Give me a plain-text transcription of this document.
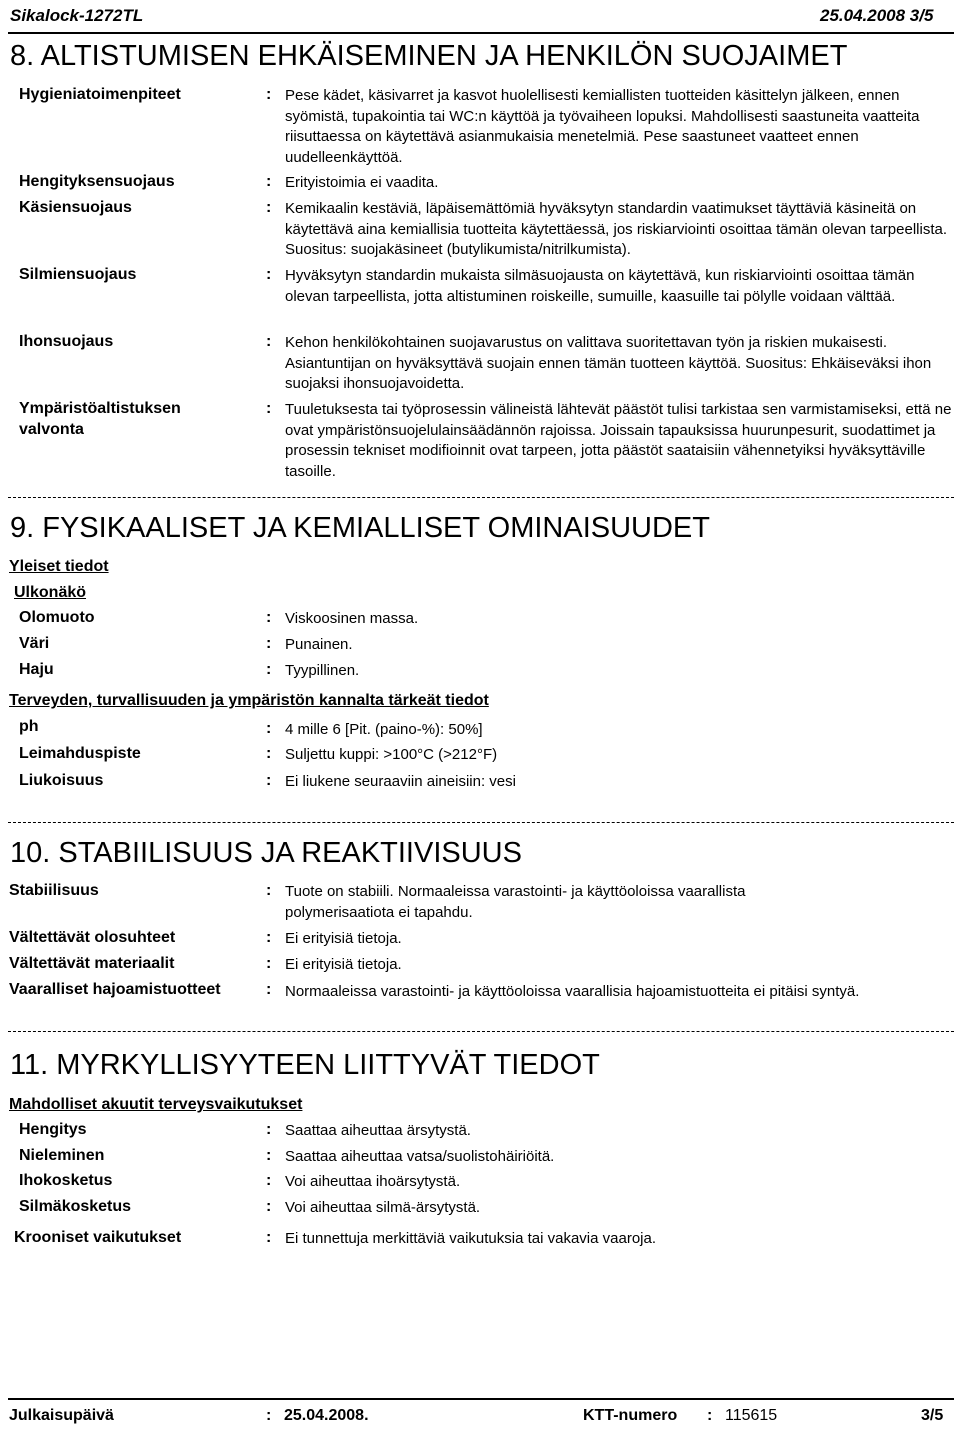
Sikalock-1272TL	25.04.2008 3/5
8. ALTISTUMISEN EHKÄISEMINEN JA HENKILÖN SUOJAIMET
Hygieniatoimenpiteet	: Pese kädet, käsivarret ja kasvot huolellisesti kemiallisten tuotteiden käsittelyn jälkeen, ennen syömistä, tupakointia tai WC:n käyttöä ja työvaiheen lopuksi. Mahdollisesti saastuneita vaatteita riisuttaessa on käytettävä asianmukaisia menetelmiä. Pese saastuneet vaatteet ennen uudelleenkäyttöä.
Hengityksensuojaus	: Erityistoimia ei vaadita.
Käsiensuojaus	: Kemikaalin kestäviä, läpäisemättömiä hyväksytyn standardin vaatimukset täyttäviä käsineitä on käytettävä aina kemiallisia tuotteita käytettäessä, jos riskiarviointi osoittaa tämän olevan tarpeellista. Suositus: suojakäsineet (butylikumista/nitrilkumista).
Silmiensuojaus	: Hyväksytyn standardin mukaista silmäsuojausta on käytettävä, kun riskiarviointi osoittaa tämän olevan tarpeellista, jotta altistuminen roiskeille, sumuille, kaasuille tai pölylle voidaan välttää.
Ihonsuojaus	: Kehon henkilökohtainen suojavarustus on valittava suoritettavan työn ja riskien mukaisesti. Asiantuntijan on hyväksyttävä suojain ennen tämän tuotteen käyttöä. Suositus: Ehkäiseväksi ihon suojaksi ihonsuojavoidetta.
Ympäristöaltistuksen
valvonta
: Tuuletuksesta tai työprosessin välineistä lähtevät päästöt tulisi tarkistaa sen varmistamiseksi, että ne ovat ympäristönsuojelulainsäädännön rajoissa. Joissain tapauksissa huurunpesurit, suodattimet ja prosessin tekniset modifioinnit ovat tarpeen, jotta päästöt saataisiin vähennetyiksi hyväksyttäville tasoille.
9. FYSIKAALISET JA KEMIALLISET OMINAISUUDET
Yleiset tiedot
Ulkonäkö
Olomuoto	: Viskoosinen massa.
Väri	: Punainen.
Haju	: Tyypillinen.
Terveyden, turvallisuuden ja ympäristön kannalta tärkeät tiedot
ph	: 4 mille 6 [Pit. (paino-%): 50%]
Leimahduspiste	: Suljettu kuppi: >100°C (>212°F)
Liukoisuus	: Ei liukene seuraaviin aineisiin: vesi
10. STABIILISUUS JA REAKTIIVISUUS
Stabiilisuus	: Tuote on stabiili. Normaaleissa varastointi- ja käyttöoloissa vaarallista polymerisaatiota ei tapahdu.
Vältettävät olosuhteet	: Ei erityisiä tietoja.
Vältettävät materiaalit	: Ei erityisiä tietoja.
Vaaralliset hajoamistuotteet	: Normaaleissa varastointi- ja käyttöoloissa vaarallisia hajoamistuotteita ei pitäisi syntyä.
11. MYRKYLLISYYTEEN LIITTYVÄT TIEDOT
Mahdolliset akuutit terveysvaikutukset
Hengitys	: Saattaa aiheuttaa ärsytystä.
Nieleminen	: Saattaa aiheuttaa vatsa/suolistohäiriöitä.
Ihokosketus	: Voi aiheuttaa ihoärsytystä.
Silmäkosketus	: Voi aiheuttaa silmä-ärsytystä.
Krooniset vaikutukset	: Ei tunnettuja merkittäviä vaikutuksia tai vakavia vaaroja.
Julkaisupäivä	: 25.04.2008.	KTT-numero : 115615	3/5
